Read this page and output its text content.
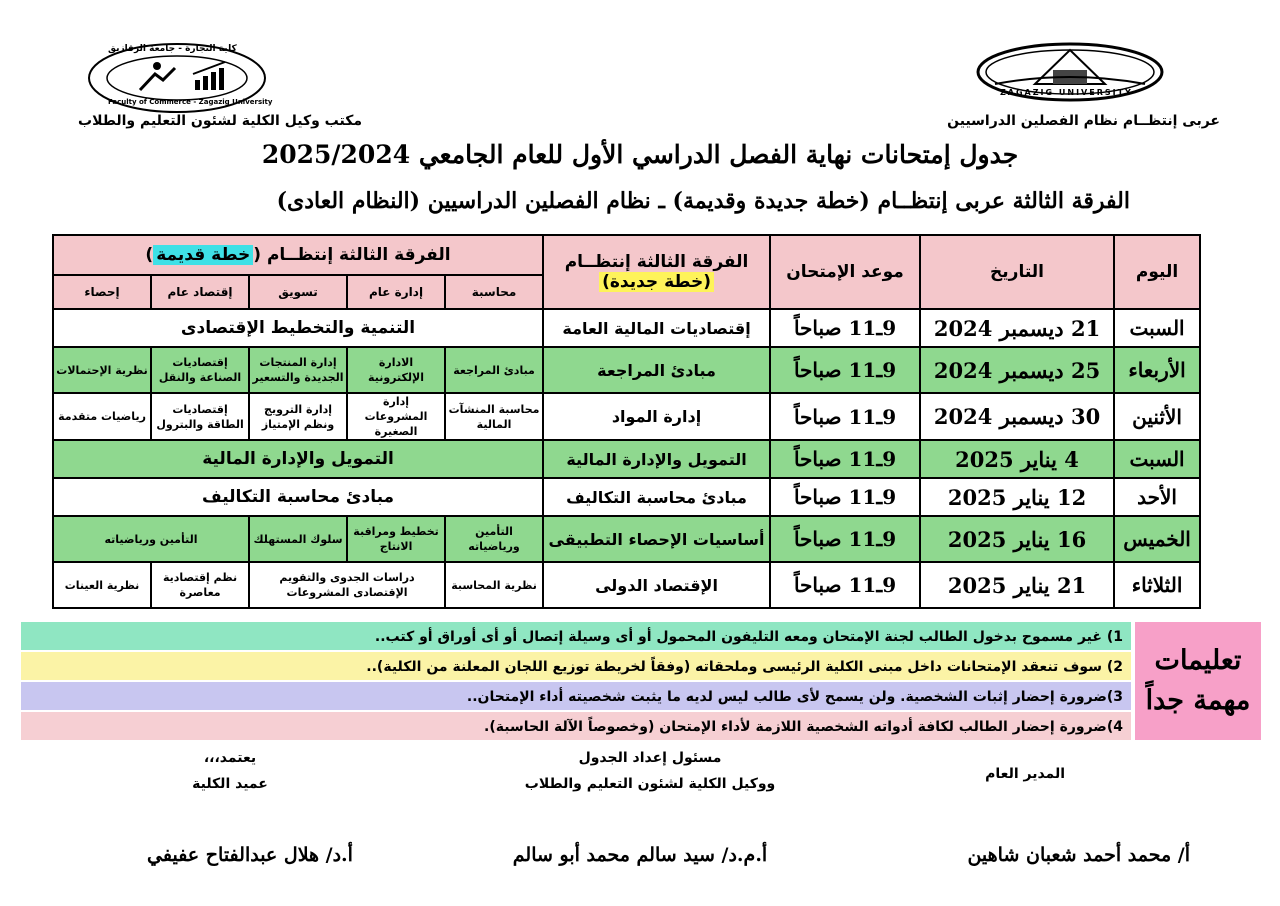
ZAGAZIG UNIVERSITY
كلية التجارة - جامعة الزقازيق
Faculty of Commerce - Zagazig University
عربى إنتظــام نظام الفصلين الدراسيين
مكتب وكيل الكلية لشئون التعليم والطلاب
جدول إمتحانات نهاية الفصل الدراسي الأول للعام الجامعي 2025/2024
الفرقة الثالثة عربى إنتظــام (خطة جديدة وقديمة) ـ نظام الفصلين الدراسيين (النظام العادى)
اليوم	التاريخ	موعد الإمتحان	الفرقة الثالثة إنتظــام
(خطة جديدة)	الفرقة الثالثة إنتظــام (خطة قديمة)				
				محاسبة	إدارة عام	تسويق	إقتصاد عام	إحصاء
السبت	21 ديسمبر 2024	9ـ11 صباحاً	إقتصاديات المالية العامة	التنمية والتخطيط الإقتصادى				
الأربعاء	25 ديسمبر 2024	9ـ11 صباحاً	مبادئ المراجعة	مبادئ المراجعة	الادارة الإلكترونية	إدارة المنتجات الجديدة والتسعير	إقتصاديات الصناعة والنقل	نظرية الإحتمالات
الأثنين	30 ديسمبر 2024	9ـ11 صباحاً	إدارة المواد	محاسبة المنشآت المالية	إدارة المشروعات الصغيرة	إدارة الترويج ونظم الإمتياز	إقتصاديات الطاقة والبترول	رياضيات متقدمة
السبت	4 يناير 2025	9ـ11 صباحاً	التمويل والإدارة المالية	التمويل والإدارة المالية				
الأحد	12 يناير 2025	9ـ11 صباحاً	مبادئ محاسبة التكاليف	مبادئ محاسبة التكاليف				
الخميس	16 يناير 2025	9ـ11 صباحاً	أساسيات الإحصاء التطبيقى	التأمين ورياضياته	تخطيط ومراقبة الانتاج	سلوك المستهلك	التأمين ورياضياته	
الثلاثاء	21 يناير 2025	9ـ11 صباحاً	الإقتصاد الدولى	نظرية المحاسبة	دراسات الجدوى والتقويم الإقتصادى المشروعات		نظم إقتصادية معاصرة	نظرية العينات
تعليمات مهمة جداً
1) غير مسموح بدخول الطالب لجنة الإمتحان ومعه التليفون المحمول أو أى وسيلة إتصال أو أى أوراق أو كتب..
2) سوف تنعقد الإمتحانات داخل مبنى الكلية الرئيسى وملحقاته (وفقاً لخريطة توزيع اللجان المعلنة من الكلية)..
3)ضرورة إحضار إثبات الشخصية. ولن يسمح لأى طالب ليس لديه ما يثبت شخصيته أداء الإمتحان..
4)ضرورة إحضار الطالب لكافة أدواته الشخصية اللازمة لأداء الإمتحان (وخصوصاً الآلة الحاسبة).
المدير العام
مسئول إعداد الجدول
ووكيل الكلية لشئون التعليم والطلاب
يعتمد،،،
عميد الكلية
أ/ محمد أحمد شعبان شاهين
أ.م.د/ سيد سالم محمد أبو سالم
أ.د/ هلال عبدالفتاح عفيفي
